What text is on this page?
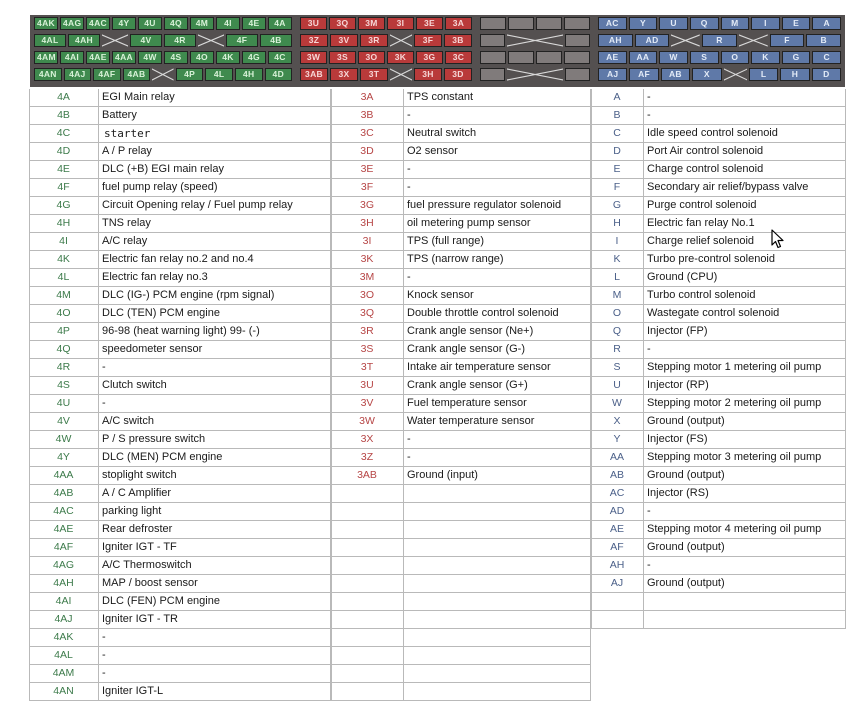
4AK 4AG 4AC	4Y	4U	4Q	4M	4I	4E	4A
4AL	4AH	4V	4R	4F	4B
4AM	4AI	4AE 4AA	4W	4S	4O	4K	4G	4C
4AN	4AJ	4AF	4AB	4P	4L	4H	4D
3U	3Q	3M	3I	3E	3A
3Z	3V	3R	3F	3B
3W	3S	3O	3K	3G	3C
3AB	3X	3T	3H	3D
AC	Y	U	Q	M	I	E	A
AH	AD	R	F	B
AE	AA	W	S	O	K	G	C
AJ	AF	AB	X	L	H	D
4A	EGI Main relay
4B	Battery
4C	starter
4D	A / P relay
4E	DLC (+B) EGI main relay
4F	fuel pump relay (speed)
4G	Circuit Opening relay / Fuel pump relay
4H	TNS relay
4I	A/C relay
4K	Electric fan relay no.2 and no.4
4L	Electric fan relay no.3
4M	DLC (IG-) PCM engine (rpm signal)
4O	DLC (TEN) PCM engine
4P	96-98 (heat warning light) 99- (-)
4Q	speedometer sensor
4R	-
4S	Clutch switch
4U	-
4V	A/C switch
4W	P / S pressure switch
4Y	DLC (MEN) PCM engine
4AA	stoplight switch
4AB	A / C Amplifier
4AC	parking light
4AE	Rear defroster
4AF	Igniter IGT - TF
4AG	A/C Thermoswitch
4AH	MAP / boost sensor
4AI	DLC (FEN) PCM engine
4AJ	Igniter IGT - TR
4AK	-
4AL	-
4AM	-
4AN	Igniter IGT-L
3A	TPS constant
3B	-
3C	Neutral switch
3D	O2 sensor
3E	-
3F	-
3G	fuel pressure regulator solenoid
3H	oil metering pump sensor
3I	TPS (full range)
3K	TPS (narrow range)
3M	-
3O	Knock sensor
3Q	Double throttle control solenoid
3R	Crank angle sensor (Ne+)
3S	Crank angle sensor (G-)
3T	Intake air temperature sensor
3U	Crank angle sensor (G+)
3V	Fuel temperature sensor
3W	Water temperature sensor
3X	-
3Z	-
3AB	Ground (input)
A	-
B	-
C	Idle speed control solenoid
D	Port Air control solenoid
E	Charge control solenoid
F	Secondary air relief/bypass valve
G	Purge control solenoid
H	Electric fan relay No.1
I	Charge relief solenoid
K	Turbo pre-control solenoid
L	Ground (CPU)
M	Turbo control solenoid
O	Wastegate control solenoid
Q	Injector (FP)
R	-
S	Stepping motor 1 metering oil pump
U	Injector (RP)
W	Stepping motor 2 metering oil pump
X	Ground (output)
Y	Injector (FS)
AA	Stepping motor 3 metering oil pump
AB	Ground (output)
AC	Injector (RS)
AD	-
AE	Stepping motor 4 metering oil pump
AF	Ground (output)
AH	-
AJ	Ground (output)
